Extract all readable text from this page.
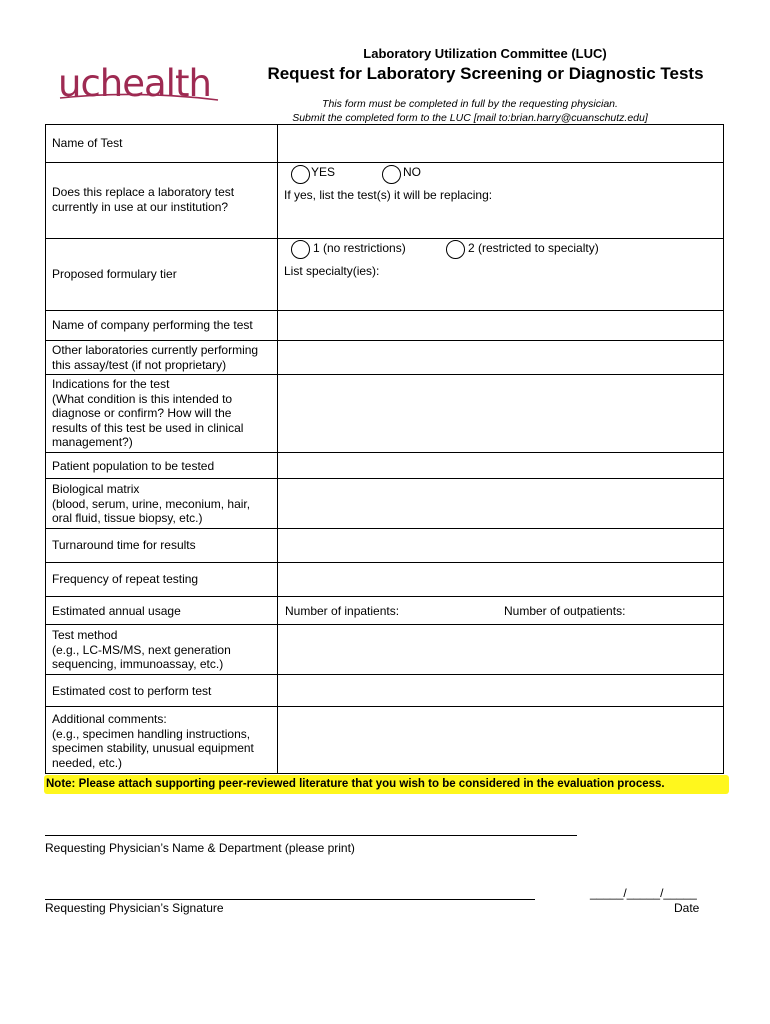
uchealth
Laboratory Utilization Committee (LUC)
Request for Laboratory Screening or Diagnostic Tests
This form must be completed in full by the requesting physician.
Submit the completed form to the LUC [mail to:brian.harry@cuanschutz.edu]
Name of Test
Does this replace a laboratory test
currently in use at our institution?
YES	NO
If yes, list the test(s) it will be replacing:
Proposed formulary tier
1 (no restrictions)	2 (restricted to specialty)
List specialty(ies):
Name of company performing the test
Other laboratories currently performing
this assay/test (if not proprietary)
Indications for the test
(What condition is this intended to
diagnose or confirm? How will the
results of this test be used in clinical
management?)
Patient population to be tested
Biological matrix
(blood, serum, urine, meconium, hair,
oral fluid, tissue biopsy, etc.)
Turnaround time for results
Frequency of repeat testing
Estimated annual usage	Number of inpatients:	Number of outpatients:
Test method
(e.g., LC-MS/MS, next generation
sequencing, immunoassay, etc.)
Estimated cost to perform test
Additional comments:
(e.g., specimen handling instructions,
specimen stability, unusual equipment
needed, etc.)
Note: Please attach supporting peer-reviewed literature that you wish to be considered in the evaluation process.
Requesting Physician’s Name & Department (please print)
Requesting Physician’s Signature
_____/_____/_____
Date
